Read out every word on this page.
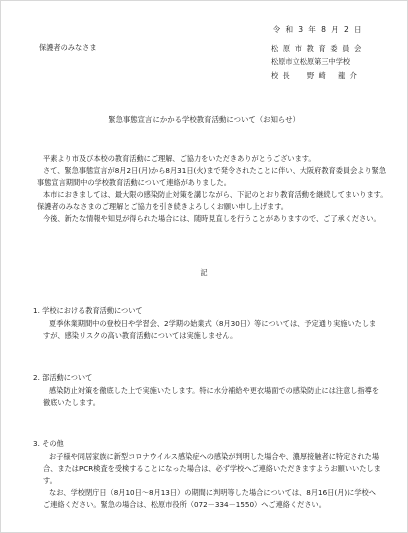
令 和 3 年 8 月 2 日
保護者のみなさま	松 原 市 教 育 委 員 会
松原市立松原第三中学校
校 長　　野 崎　 龍 介
緊急事態宣言にかかる学校教育活動について（お知らせ）
平素より市及び本校の教育活動にご理解、ご協力をいただきありがとうございます。
さて、緊急事態宣言が8月2日(月)から8月31日(火)まで発令されたことに伴い、大阪府教育委員会より緊急事態宣言期間中の学校教育活動について連絡がありました。
本市におきましては、最大限の感染防止対策を講じながら、下記のとおり教育活動を継続してまいります。保護者のみなさまのご理解とご協力を引き続きよろしくお願い申し上げます。
今後、新たな情報や知見が得られた場合には、随時見直しを行うことがありますので、ご了承ください。
記
1. 学校における教育活動について
夏季休業期間中の登校日や学習会、2学期の始業式（8月30日）等については、予定通り実施いたしますが、感染リスクの高い教育活動については実施しません。
2. 部活動について
感染防止対策を徹底した上で実施いたします。特に水分補給や更衣場面での感染防止には注意し指導を徹底いたします。
3. その他
お子様や同居家族に新型コロナウイルス感染症への感染が判明した場合や、濃厚接触者に特定された場合、またはPCR検査を受検することになった場合は、必ず学校へご連絡いただきますようお願いいたします。
なお、学校閉庁日（8月10日～8月13日）の期間に判明等した場合については、8月16日(月)に学校へご連絡ください。緊急の場合は、松原市役所（072－334－1550）へご連絡ください。
